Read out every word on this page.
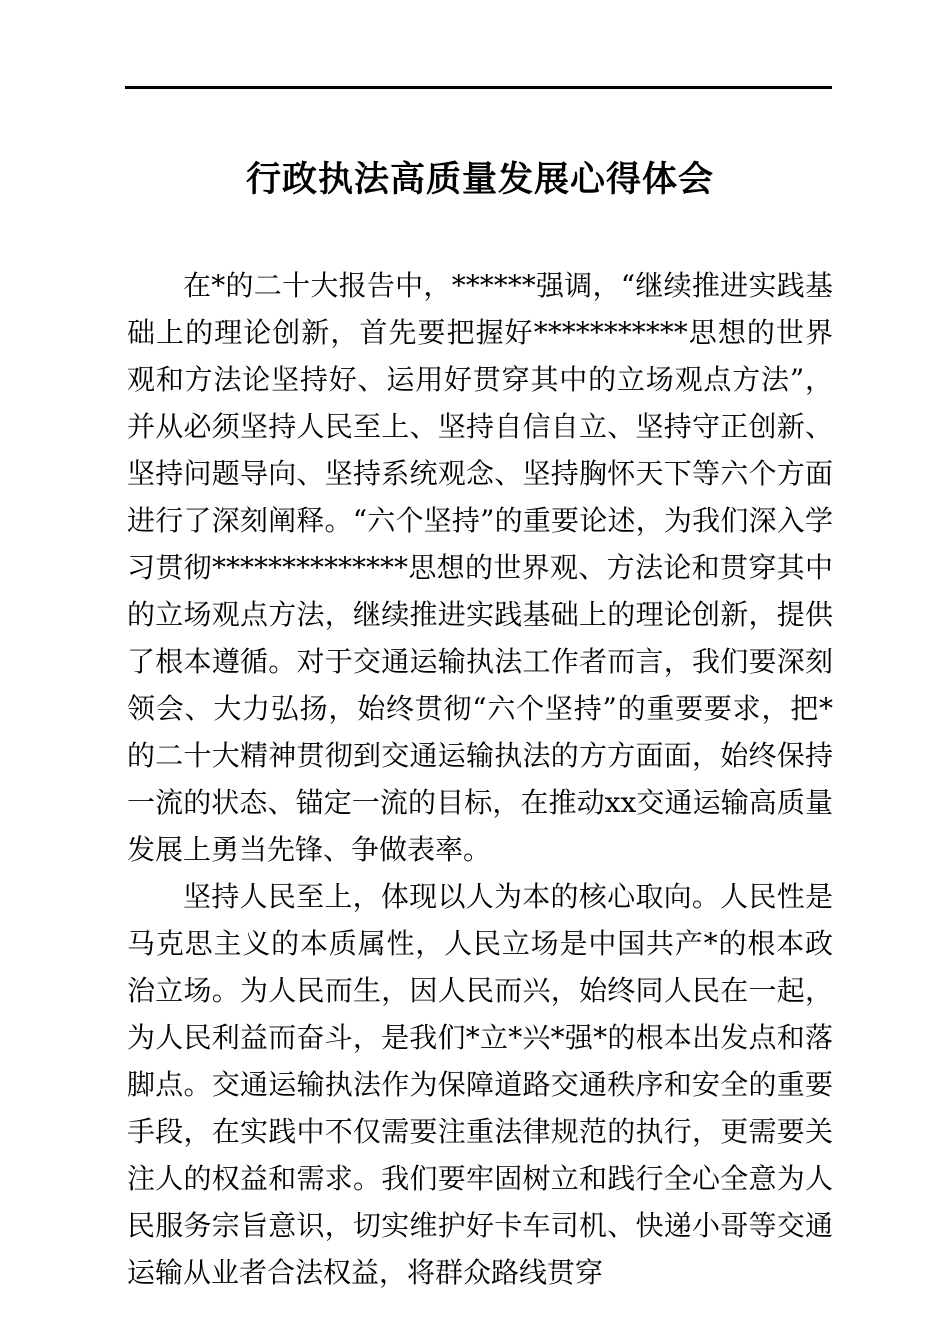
行政执法高质量发展心得体会

在*的二十大报告中，******强调，“继续推进实践基础上的理论创新，首先要把握好***********思想的世界观和方法论坚持好、运用好贯穿其中的立场观点方法”，并从必须坚持人民至上、坚持自信自立、坚持守正创新、坚持问题导向、坚持系统观念、坚持胸怀天下等六个方面进行了深刻阐释。“六个坚持”的重要论述，为我们深入学习贯彻**************思想的世界观、方法论和贯穿其中的立场观点方法，继续推进实践基础上的理论创新，提供了根本遵循。对于交通运输执法工作者而言，我们要深刻领会、大力弘扬，始终贯彻“六个坚持”的重要要求，把*的二十大精神贯彻到交通运输执法的方方面面，始终保持一流的状态、锚定一流的目标，在推动xx交通运输高质量发展上勇当先锋、争做表率。

坚持人民至上，体现以人为本的核心取向。人民性是马克思主义的本质属性，人民立场是中国共产*的根本政治立场。为人民而生，因人民而兴，始终同人民在一起，为人民利益而奋斗，是我们*立*兴*强*的根本出发点和落脚点。交通运输执法作为保障道路交通秩序和安全的重要手段，在实践中不仅需要注重法律规范的执行，更需要关注人的权益和需求。我们要牢固树立和践行全心全意为人民服务宗旨意识，切实维护好卡车司机、快递小哥等交通运输从业者合法权益，将群众路线贯穿
